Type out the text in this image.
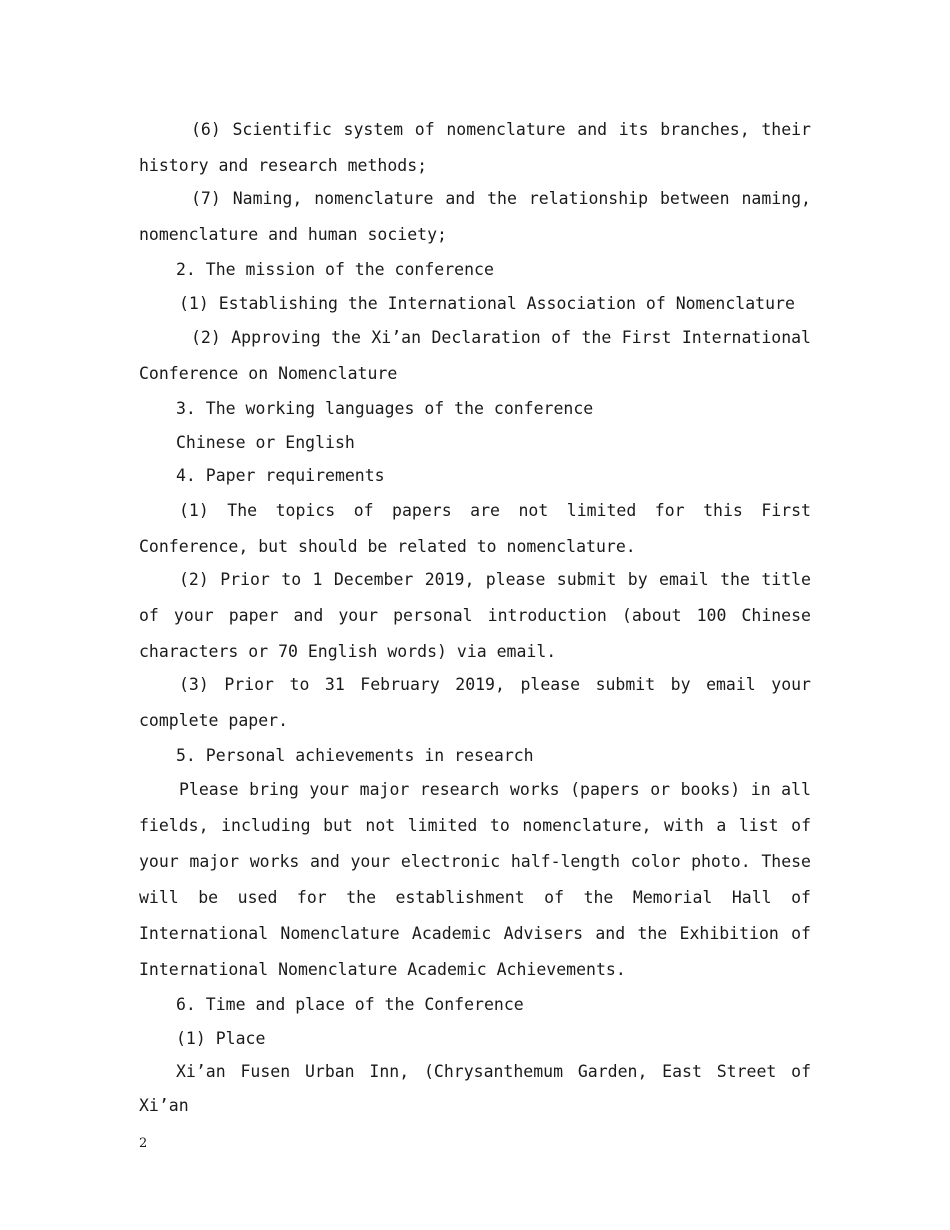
(6) Scientific system of nomenclature and its branches, their history and research methods;

(7) Naming, nomenclature and the relationship between naming, nomenclature and human society;

2. The mission of the conference

(1) Establishing the International Association of Nomenclature

(2) Approving the Xi’an Declaration of the First International Conference on Nomenclature

3. The working languages of the conference

Chinese or English

4. Paper requirements

(1) The topics of papers are not limited for this First Conference, but should be related to nomenclature.

(2) Prior to 1 December 2019, please submit by email the title of your paper and your personal introduction (about 100 Chinese characters or 70 English words) via email.

(3) Prior to 31 February 2019, please submit by email your complete paper.

5. Personal achievements in research

Please bring your major research works (papers or books) in all fields, including but not limited to nomenclature, with a list of your major works and your electronic half-length color photo. These will be used for the establishment of the Memorial Hall of International Nomenclature Academic Advisers and the Exhibition of International Nomenclature Academic Achievements.

6. Time and place of the Conference

(1) Place

Xi’an Fusen Urban Inn, (Chrysanthemum Garden, East Street of Xi’an

2
